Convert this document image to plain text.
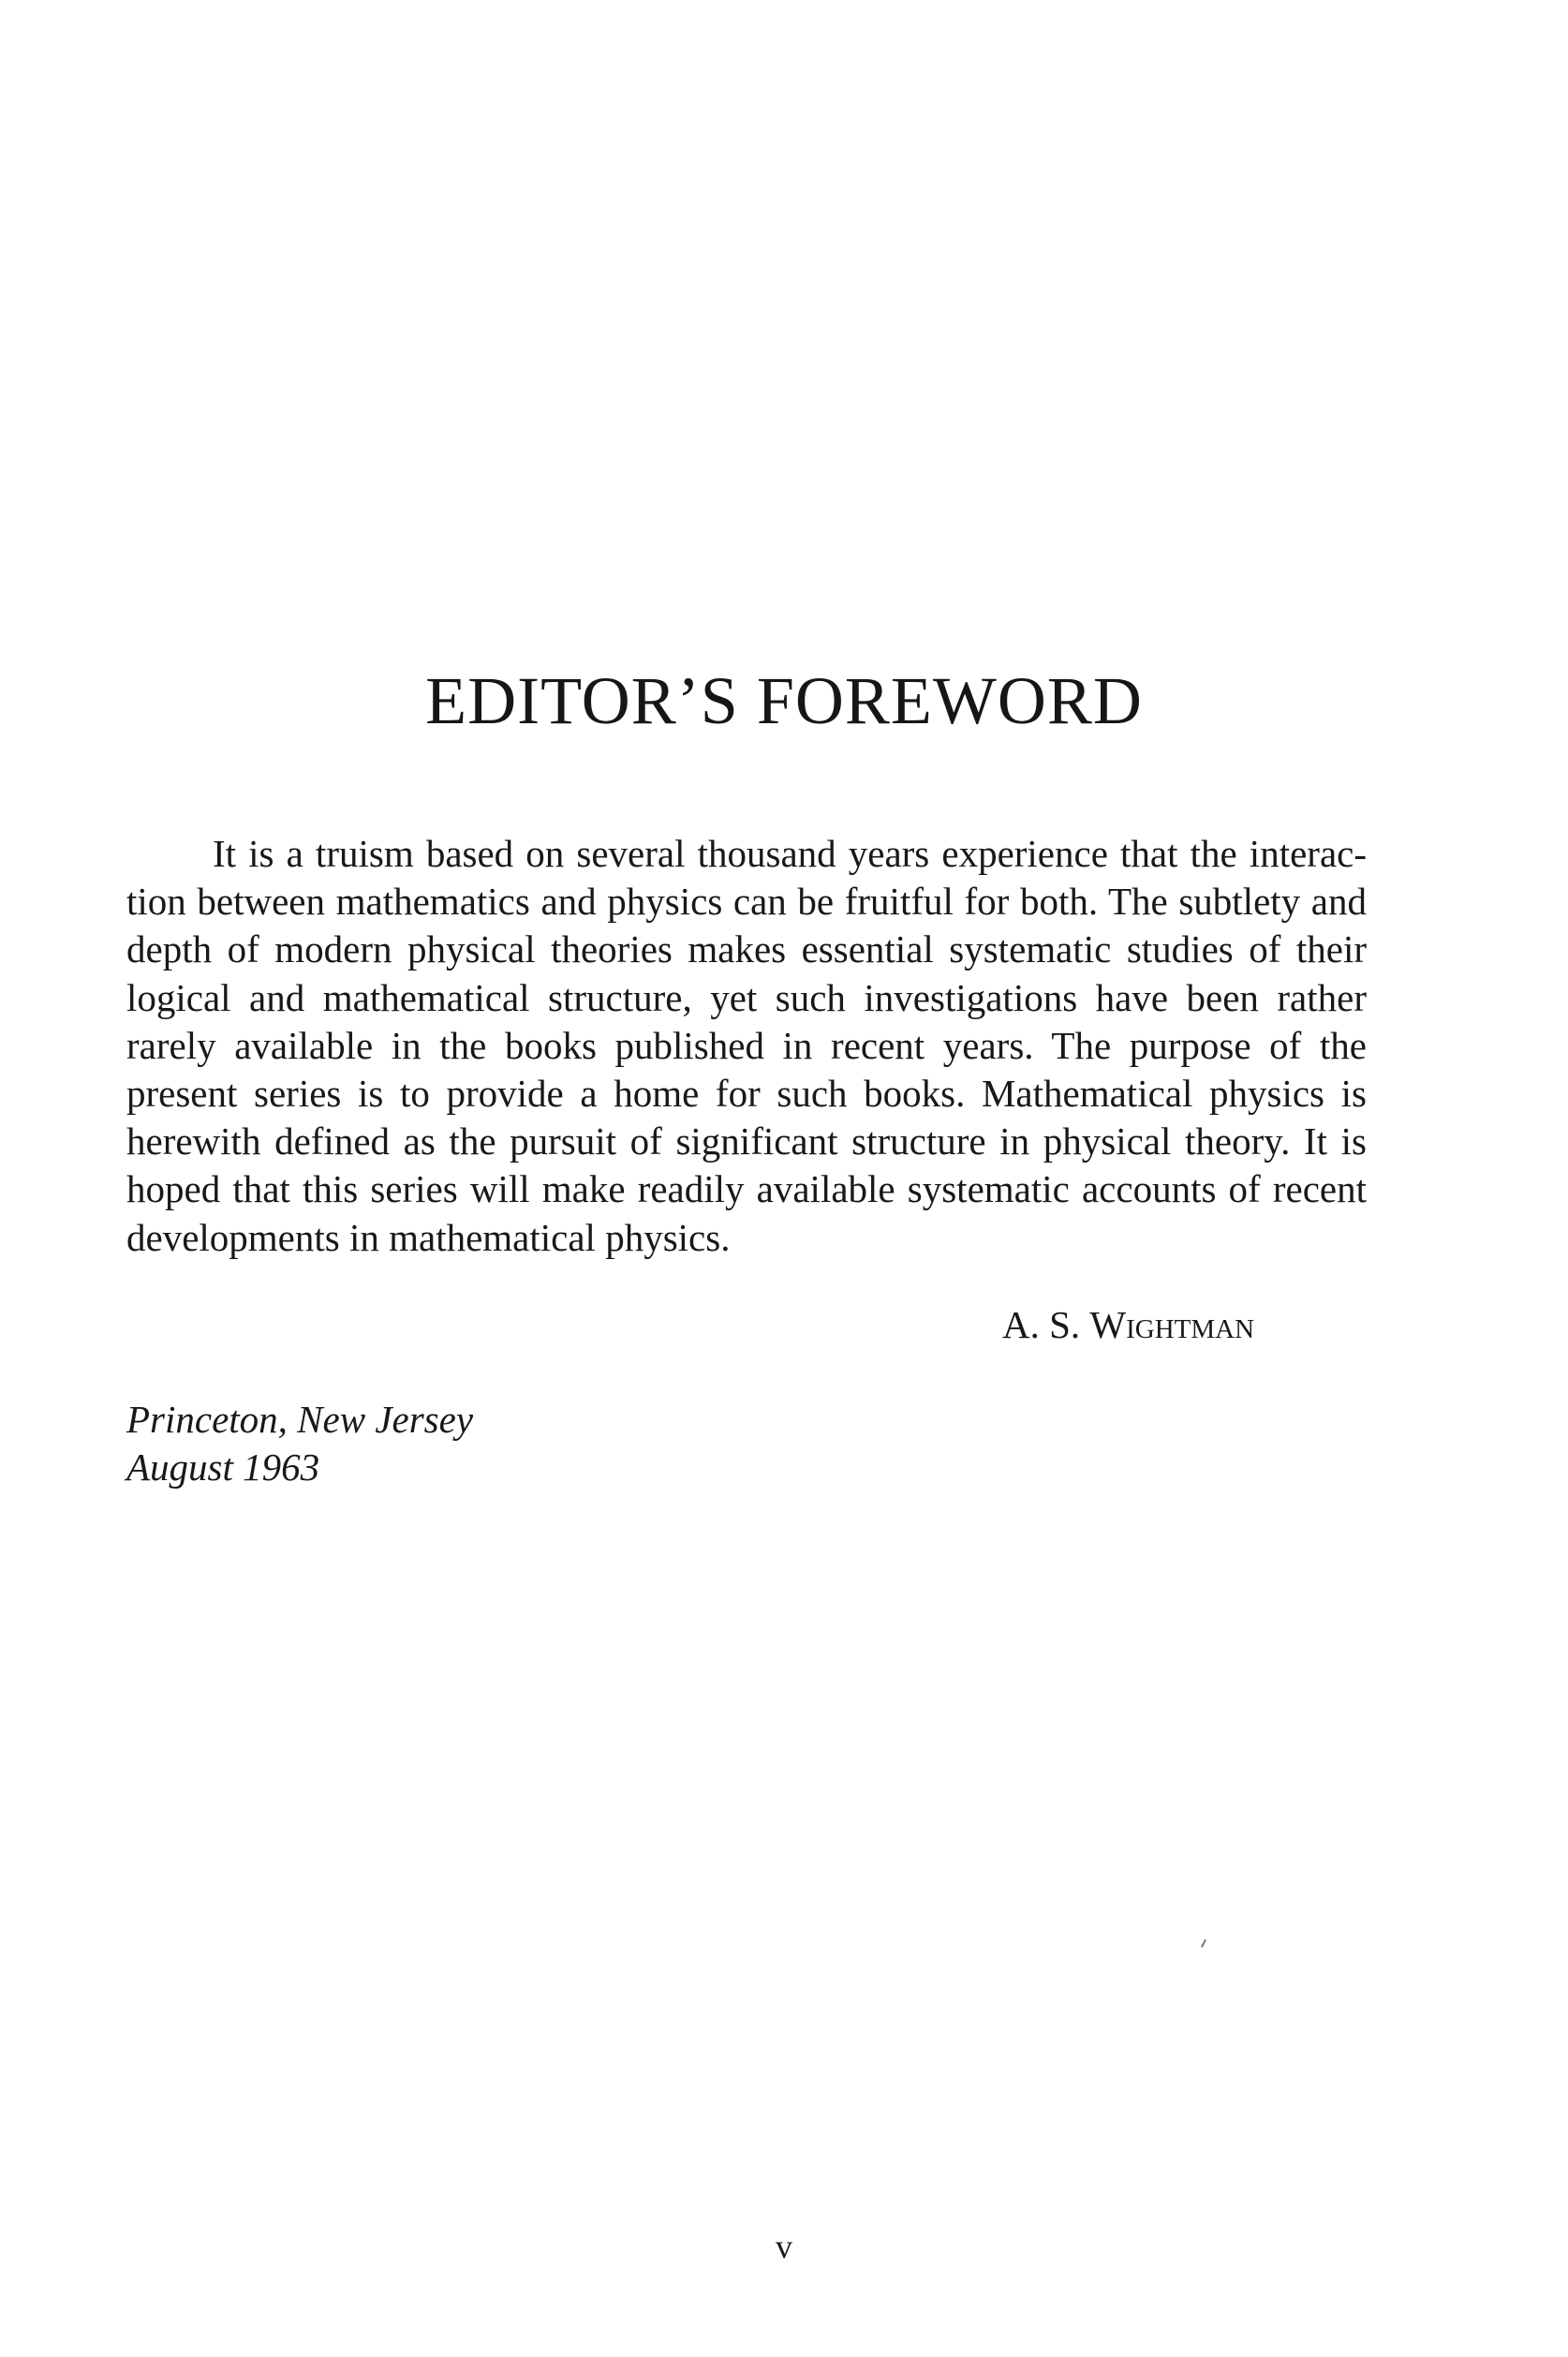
EDITOR’S FOREWORD

It is a truism based on several thousand years experience that the interaction between mathematics and physics can be fruitful for both. The subtlety and depth of modern physical theories makes essential systematic studies of their logical and mathematical structure, yet such investigations have been rather rarely available in the books published in recent years. The purpose of the present series is to provide a home for such books. Mathematical physics is herewith defined as the pursuit of significant structure in physical theory. It is hoped that this series will make readily available systematic accounts of recent developments in mathematical physics.

A. S. Wightman

Princeton, New Jersey
August 1963

v
